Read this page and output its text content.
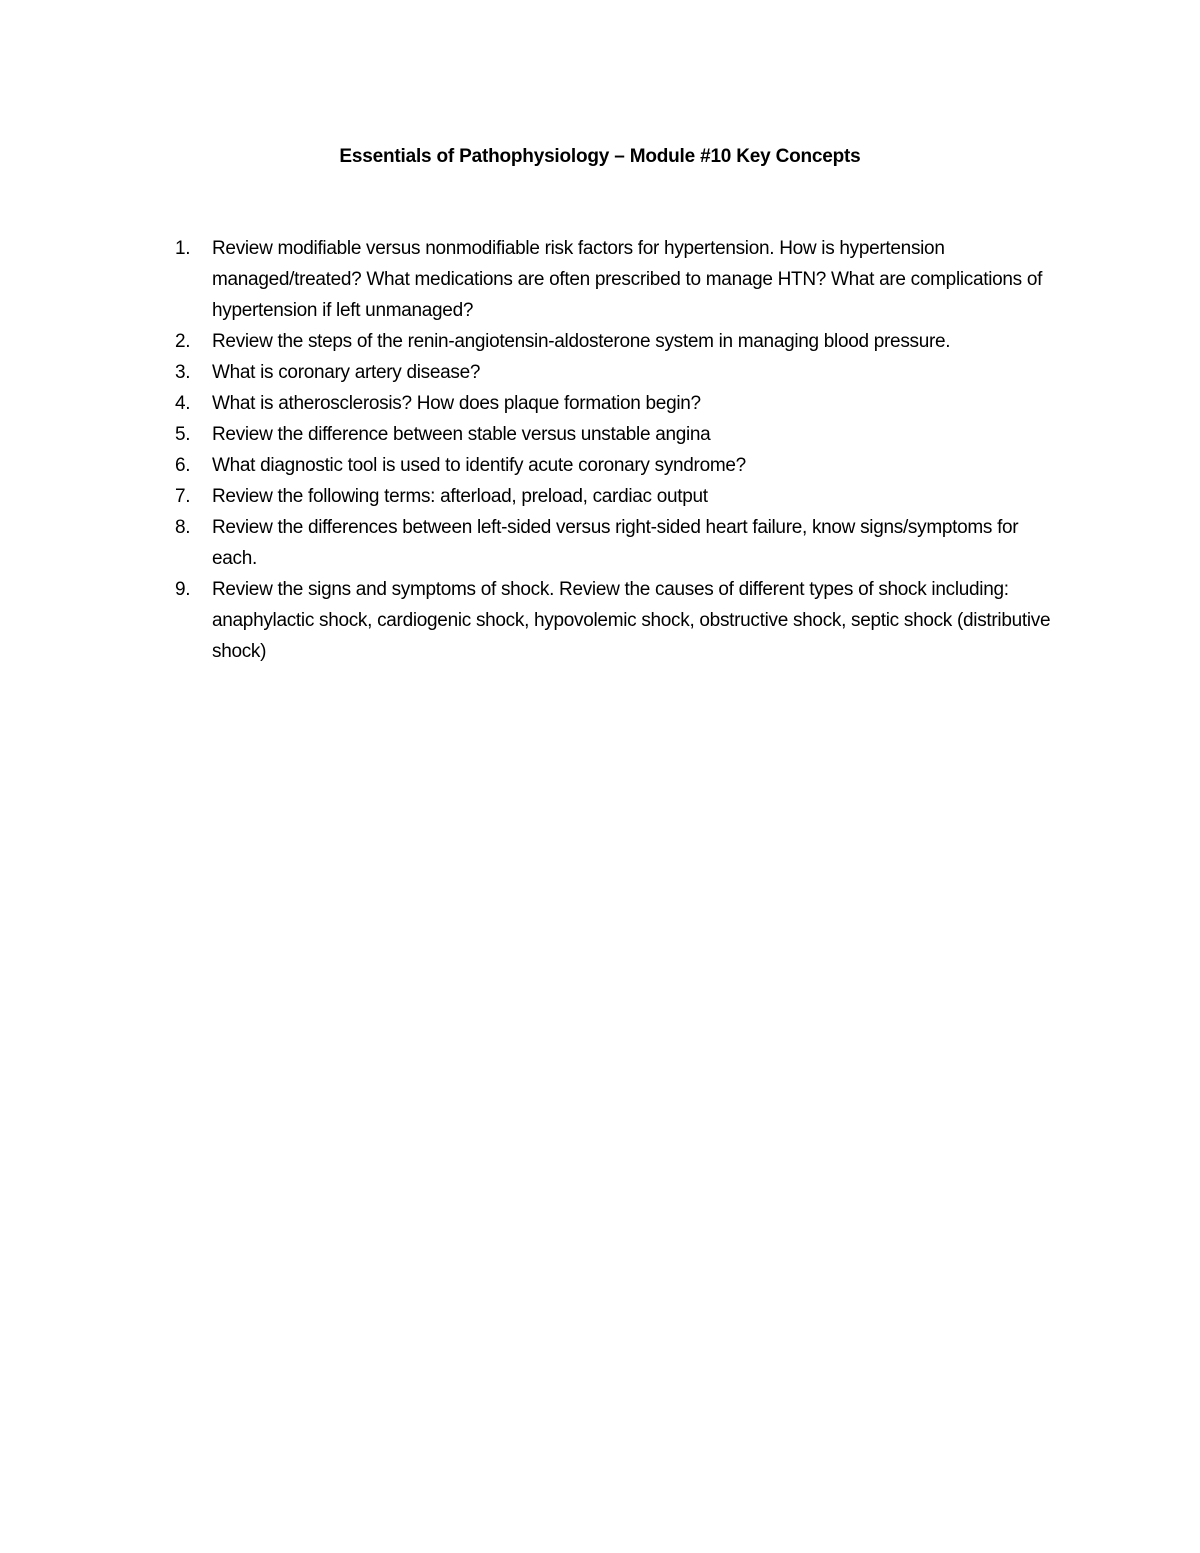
Essentials of Pathophysiology – Module #10 Key Concepts
1.	Review modifiable versus nonmodifiable risk factors for hypertension. How is hypertension managed/treated? What medications are often prescribed to manage HTN? What are complications of hypertension if left unmanaged?
2.	Review the steps of the renin-angiotensin-aldosterone system in managing blood pressure.
3.	What is coronary artery disease?
4.	What is atherosclerosis? How does plaque formation begin?
5.	Review the difference between stable versus unstable angina
6.	What diagnostic tool is used to identify acute coronary syndrome?
7.	Review the following terms: afterload, preload, cardiac output
8.	Review the differences between left-sided versus right-sided heart failure, know signs/symptoms for each.
9.	Review the signs and symptoms of shock. Review the causes of different types of shock including: anaphylactic shock, cardiogenic shock, hypovolemic shock, obstructive shock, septic shock (distributive shock)
